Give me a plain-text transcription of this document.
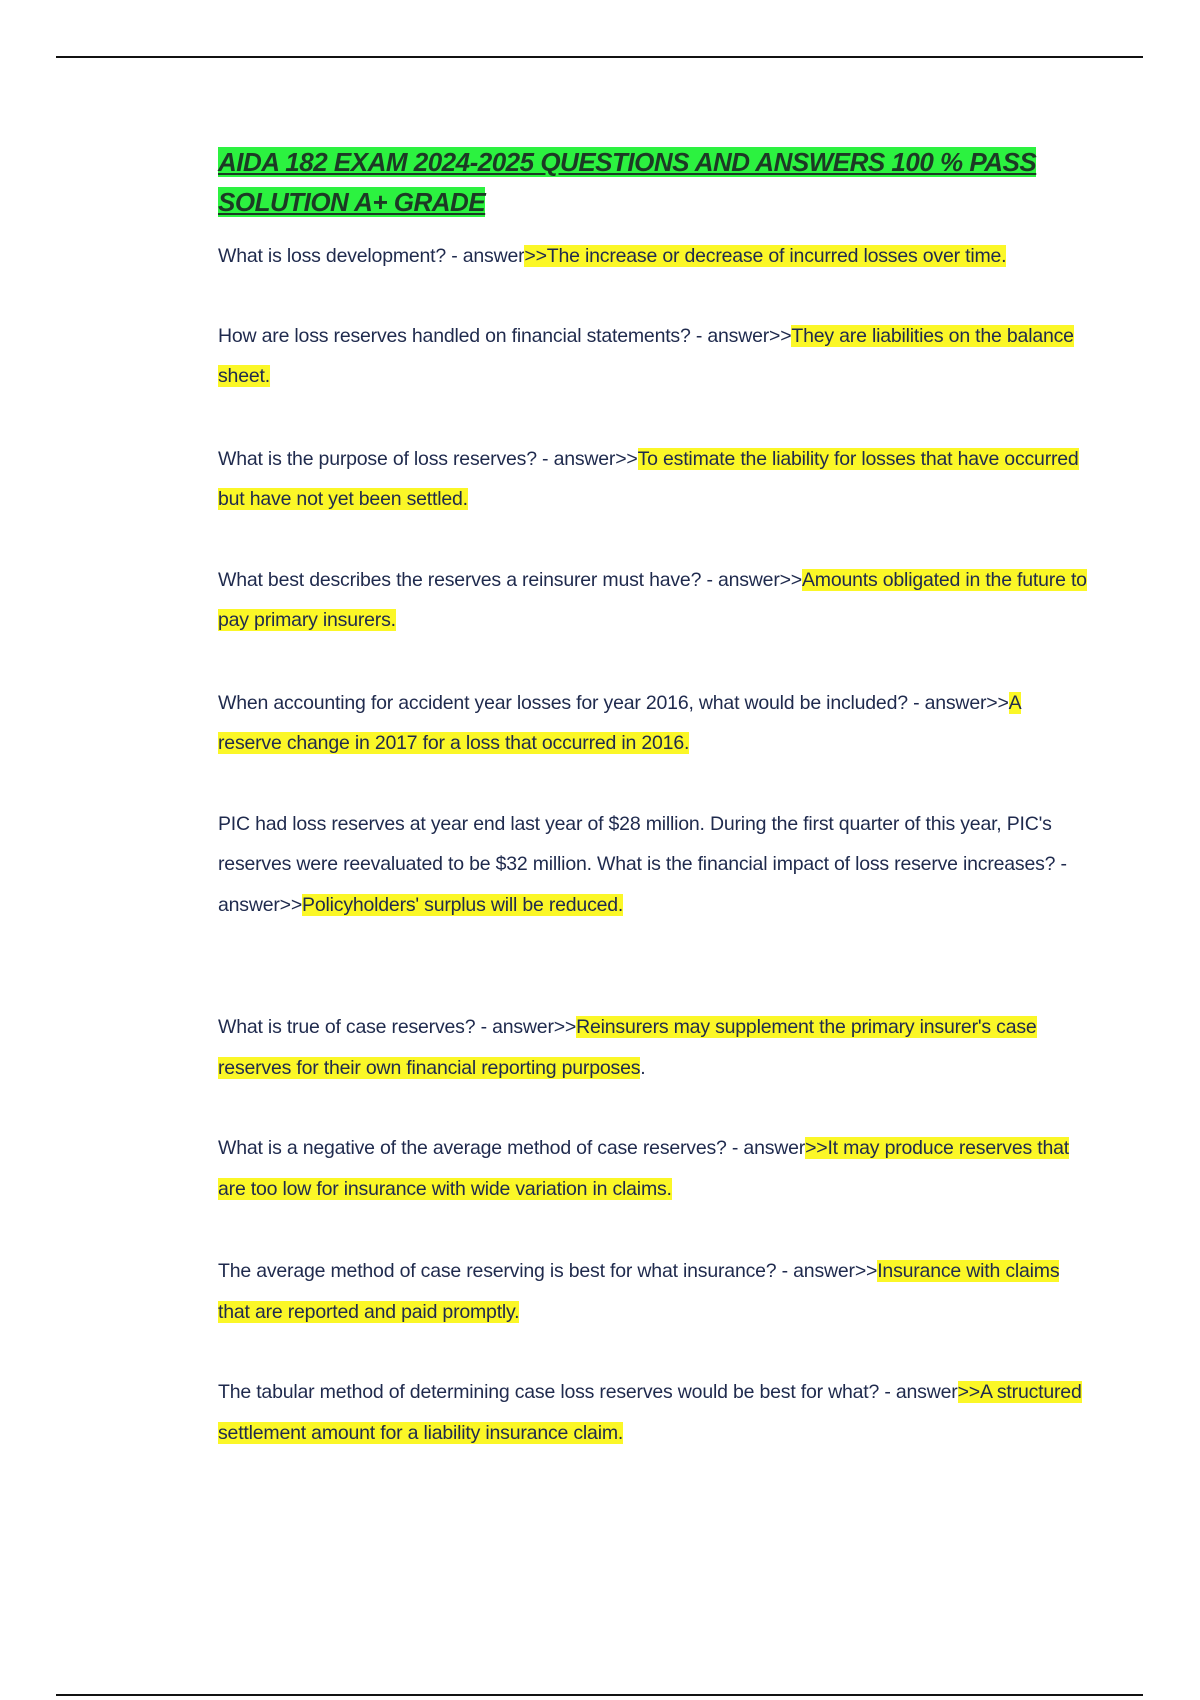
AIDA 182 EXAM 2024-2025 QUESTIONS AND ANSWERS 100 % PASS SOLUTION A+ GRADE

What is loss development? - answer>>The increase or decrease of incurred losses over time.

How are loss reserves handled on financial statements? - answer>>They are liabilities on the balance sheet.

What is the purpose of loss reserves? - answer>>To estimate the liability for losses that have occurred but have not yet been settled.

What best describes the reserves a reinsurer must have? - answer>>Amounts obligated in the future to pay primary insurers.

When accounting for accident year losses for year 2016, what would be included? - answer>>A reserve change in 2017 for a loss that occurred in 2016.

PIC had loss reserves at year end last year of $28 million. During the first quarter of this year, PIC's reserves were reevaluated to be $32 million. What is the financial impact of loss reserve increases? - answer>>Policyholders' surplus will be reduced.

What is true of case reserves? - answer>>Reinsurers may supplement the primary insurer's case reserves for their own financial reporting purposes.

What is a negative of the average method of case reserves? - answer>>It may produce reserves that are too low for insurance with wide variation in claims.

The average method of case reserving is best for what insurance? - answer>>Insurance with claims that are reported and paid promptly.

The tabular method of determining case loss reserves would be best for what? - answer>>A structured settlement amount for a liability insurance claim.
